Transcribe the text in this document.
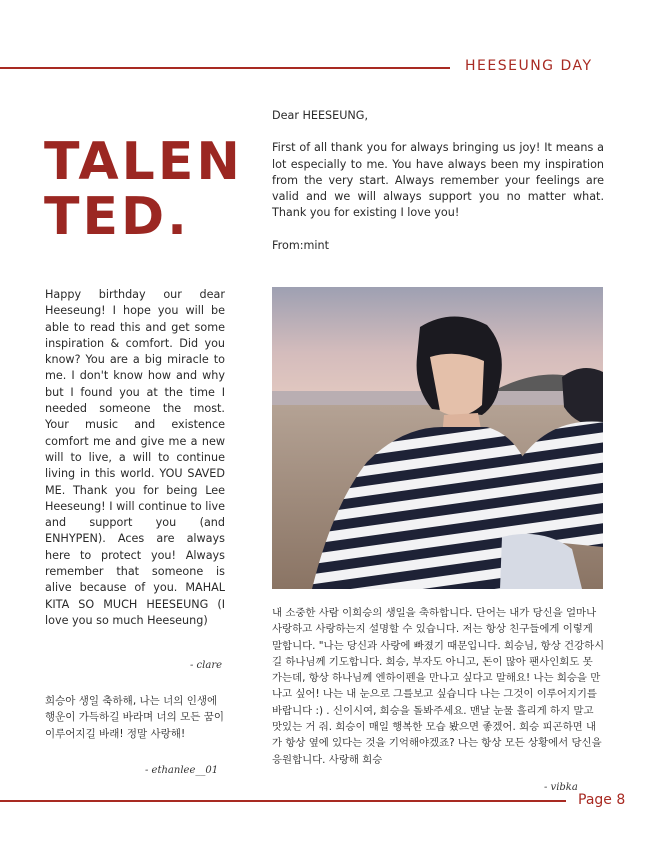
HEESEUNG DAY
TALEN
TED.

Dear HEESEUNG,

First of all thank you for always bringing us joy! It means a lot especially to me. You have always been my inspiration from the very start. Always remember your feelings are valid and we will always support you no matter what. Thank you for existing I love you!

From:mint

Happy birthday our dear Heeseung! I hope you will be able to read this and get some inspiration & comfort. Did you know? You are a big miracle to me. I don't know how and why but I found you at the time I needed someone the most. Your music and existence comfort me and give me a new will to live, a will to continue living in this world. YOU SAVED ME. Thank you for being Lee Heeseung! I will continue to live and support you (and ENHYPEN). Aces are always here to protect you! Always remember that someone is alive because of you. MAHAL KITA SO MUCH HEESEUNG (I love you so much Heeseung)
- clare
희승아 생일 축하해, 나는 너의 인생에 행운이 가득하길 바라며 너의 모든 꿈이 이루어지길 바래! 정말 사랑해!
- ethanlee__01
내 소중한 사람 이희승의 생일을 축하합니다. 단어는 내가 당신을 얼마나 사랑하고 사랑하는지 설명할 수 있습니다. 저는 항상 친구들에게 이렇게 말합니다. "나는 당신과 사랑에 빠졌기 때문입니다. 희승님, 항상 건강하시길 하나님께 기도합니다. 희승, 부자도 아니고, 돈이 많아 팬사인회도 못 가는데, 항상 하나님께 엔하이펜을 만나고 싶다고 말해요! 나는 희승을 만나고 싶어! 나는 내 눈으로 그를보고 싶습니다 나는 그것이 이루어지기를 바랍니다 :) . 신이시여, 희승을 돌봐주세요. 맨날 눈물 흘리게 하지 말고 맛있는 거 줘. 희승이 매일 행복한 모습 봤으면 좋겠어. 희승 피곤하면 내가 항상 옆에 있다는 것을 기억해야겠죠? 나는 항상 모든 상황에서 당신을 응원합니다. 사랑해 희승
- vibka
Page 8
